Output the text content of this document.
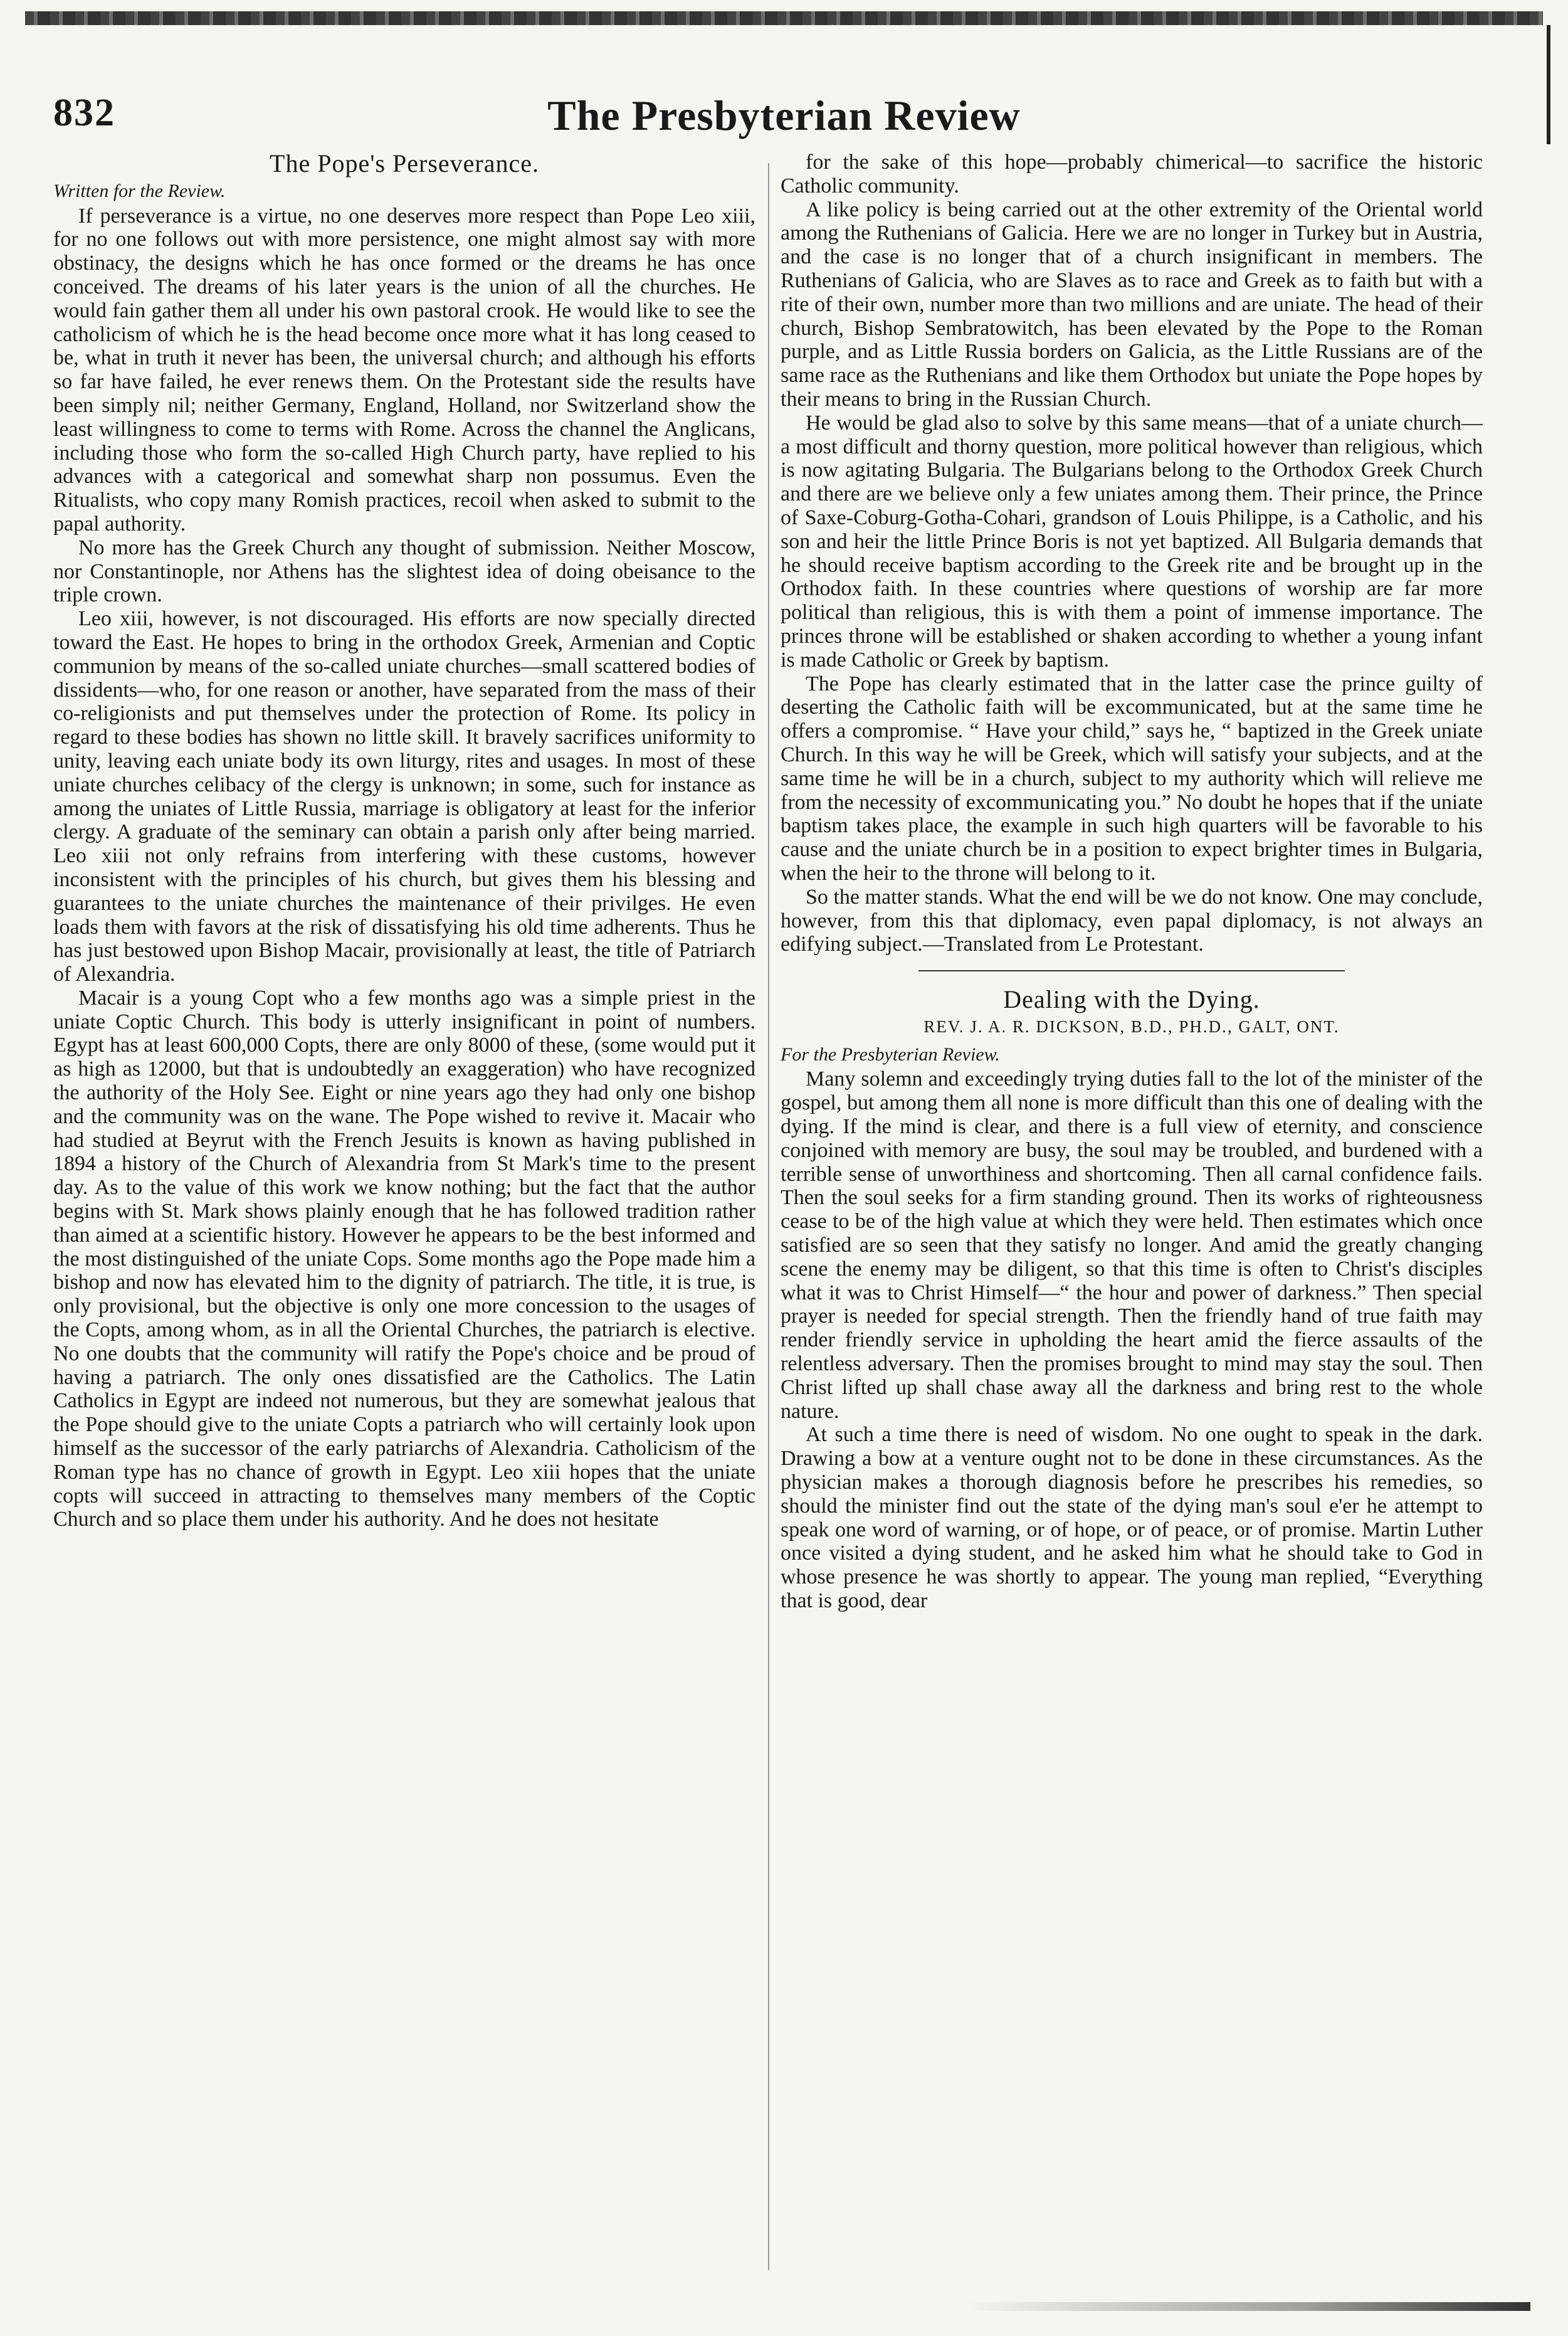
832	The Presbyterian Review
The Pope's Perseverance.
Written for the Review.

If perseverance is a virtue, no one deserves more respect than Pope Leo xiii, for no one follows out with more persistence, one might almost say with more obstinacy, the designs which he has once formed or the dreams he has once conceived. The dreams of his later years is the union of all the churches. He would fain gather them all under his own pastoral crook. He would like to see the catholicism of which he is the head become once more what it has long ceased to be, what in truth it never has been, the universal church; and although his efforts so far have failed, he ever renews them. On the Protestant side the results have been simply nil; neither Germany, England, Holland, nor Switzerland show the least willingness to come to terms with Rome. Across the channel the Anglicans, including those who form the so-called High Church party, have replied to his advances with a categorical and somewhat sharp non possumus. Even the Ritualists, who copy many Romish practices, recoil when asked to submit to the papal authority.

No more has the Greek Church any thought of submission. Neither Moscow, nor Constantinople, nor Athens has the slightest idea of doing obeisance to the triple crown.

Leo xiii, however, is not discouraged. His efforts are now specially directed toward the East. He hopes to bring in the orthodox Greek, Armenian and Coptic communion by means of the so-called uniate churches—small scattered bodies of dissidents—who, for one reason or another, have separated from the mass of their co-religionists and put themselves under the protection of Rome. Its policy in regard to these bodies has shown no little skill. It bravely sacrifices uniformity to unity, leaving each uniate body its own liturgy, rites and usages. In most of these uniate churches celibacy of the clergy is unknown; in some, such for instance as among the uniates of Little Russia, marriage is obligatory at least for the inferior clergy. A graduate of the seminary can obtain a parish only after being married. Leo xiii not only refrains from interfering with these customs, however inconsistent with the principles of his church, but gives them his blessing and guarantees to the uniate churches the maintenance of their privilges. He even loads them with favors at the risk of dissatisfying his old time adherents. Thus he has just bestowed upon Bishop Macair, provisionally at least, the title of Patriarch of Alexandria.

Macair is a young Copt who a few months ago was a simple priest in the uniate Coptic Church. This body is utterly insignificant in point of numbers. Egypt has at least 600,000 Copts, there are only 8000 of these, (some would put it as high as 12000, but that is undoubtedly an exaggeration) who have recognized the authority of the Holy See. Eight or nine years ago they had only one bishop and the community was on the wane. The Pope wished to revive it. Macair who had studied at Beyrut with the French Jesuits is known as having published in 1894 a history of the Church of Alexandria from St Mark's time to the present day. As to the value of this work we know nothing; but the fact that the author begins with St. Mark shows plainly enough that he has followed tradition rather than aimed at a scientific history. However he appears to be the best informed and the most distinguished of the uniate Cops. Some months ago the Pope made him a bishop and now has elevated him to the dignity of patriarch. The title, it is true, is only provisional, but the objective is only one more concession to the usages of the Copts, among whom, as in all the Oriental Churches, the patriarch is elective. No one doubts that the community will ratify the Pope's choice and be proud of having a patriarch. The only ones dissatisfied are the Catholics. The Latin Catholics in Egypt are indeed not numerous, but they are somewhat jealous that the Pope should give to the uniate Copts a patriarch who will certainly look upon himself as the successor of the early patriarchs of Alexandria. Catholicism of the Roman type has no chance of growth in Egypt. Leo xiii hopes that the uniate copts will succeed in attracting to themselves many members of the Coptic Church and so place them under his authority. And he does not hesitate

for the sake of this hope—probably chimerical—to sacrifice the historic Catholic community.

A like policy is being carried out at the other extremity of the Oriental world among the Ruthenians of Galicia. Here we are no longer in Turkey but in Austria, and the case is no longer that of a church insignificant in members. The Ruthenians of Galicia, who are Slaves as to race and Greek as to faith but with a rite of their own, number more than two millions and are uniate. The head of their church, Bishop Sembratowitch, has been elevated by the Pope to the Roman purple, and as Little Russia borders on Galicia, as the Little Russians are of the same race as the Ruthenians and like them Orthodox but uniate the Pope hopes by their means to bring in the Russian Church.

He would be glad also to solve by this same means—that of a uniate church—a most difficult and thorny question, more political however than religious, which is now agitating Bulgaria. The Bulgarians belong to the Orthodox Greek Church and there are we believe only a few uniates among them. Their prince, the Prince of Saxe-Coburg-Gotha-Cohari, grandson of Louis Philippe, is a Catholic, and his son and heir the little Prince Boris is not yet baptized. All Bulgaria demands that he should receive baptism according to the Greek rite and be brought up in the Orthodox faith. In these countries where questions of worship are far more political than religious, this is with them a point of immense importance. The princes throne will be established or shaken according to whether a young infant is made Catholic or Greek by baptism.

The Pope has clearly estimated that in the latter case the prince guilty of deserting the Catholic faith will be excommunicated, but at the same time he offers a compromise. “ Have your child,” says he, “ baptized in the Greek uniate Church. In this way he will be Greek, which will satisfy your subjects, and at the same time he will be in a church, subject to my authority which will relieve me from the necessity of excommunicating you.” No doubt he hopes that if the uniate baptism takes place, the example in such high quarters will be favorable to his cause and the uniate church be in a position to expect brighter times in Bulgaria, when the heir to the throne will belong to it.

So the matter stands. What the end will be we do not know. One may conclude, however, from this that diplomacy, even papal diplomacy, is not always an edifying subject.—Translated from Le Protestant.

Dealing with the Dying.
REV. J. A. R. DICKSON, B.D., PH.D., GALT, ONT.
For the Presbyterian Review.

Many solemn and exceedingly trying duties fall to the lot of the minister of the gospel, but among them all none is more difficult than this one of dealing with the dying. If the mind is clear, and there is a full view of eternity, and conscience conjoined with memory are busy, the soul may be troubled, and burdened with a terrible sense of unworthiness and shortcoming. Then all carnal confidence fails. Then the soul seeks for a firm standing ground. Then its works of righteousness cease to be of the high value at which they were held. Then estimates which once satisfied are so seen that they satisfy no longer. And amid the greatly changing scene the enemy may be diligent, so that this time is often to Christ's disciples what it was to Christ Himself—“ the hour and power of darkness.” Then special prayer is needed for special strength. Then the friendly hand of true faith may render friendly service in upholding the heart amid the fierce assaults of the relentless adversary. Then the promises brought to mind may stay the soul. Then Christ lifted up shall chase away all the darkness and bring rest to the whole nature.

At such a time there is need of wisdom. No one ought to speak in the dark. Drawing a bow at a venture ought not to be done in these circumstances. As the physician makes a thorough diagnosis before he prescribes his remedies, so should the minister find out the state of the dying man's soul e'er he attempt to speak one word of warning, or of hope, or of peace, or of promise. Martin Luther once visited a dying student, and he asked him what he should take to God in whose presence he was shortly to appear. The young man replied, “Everything that is good, dear
